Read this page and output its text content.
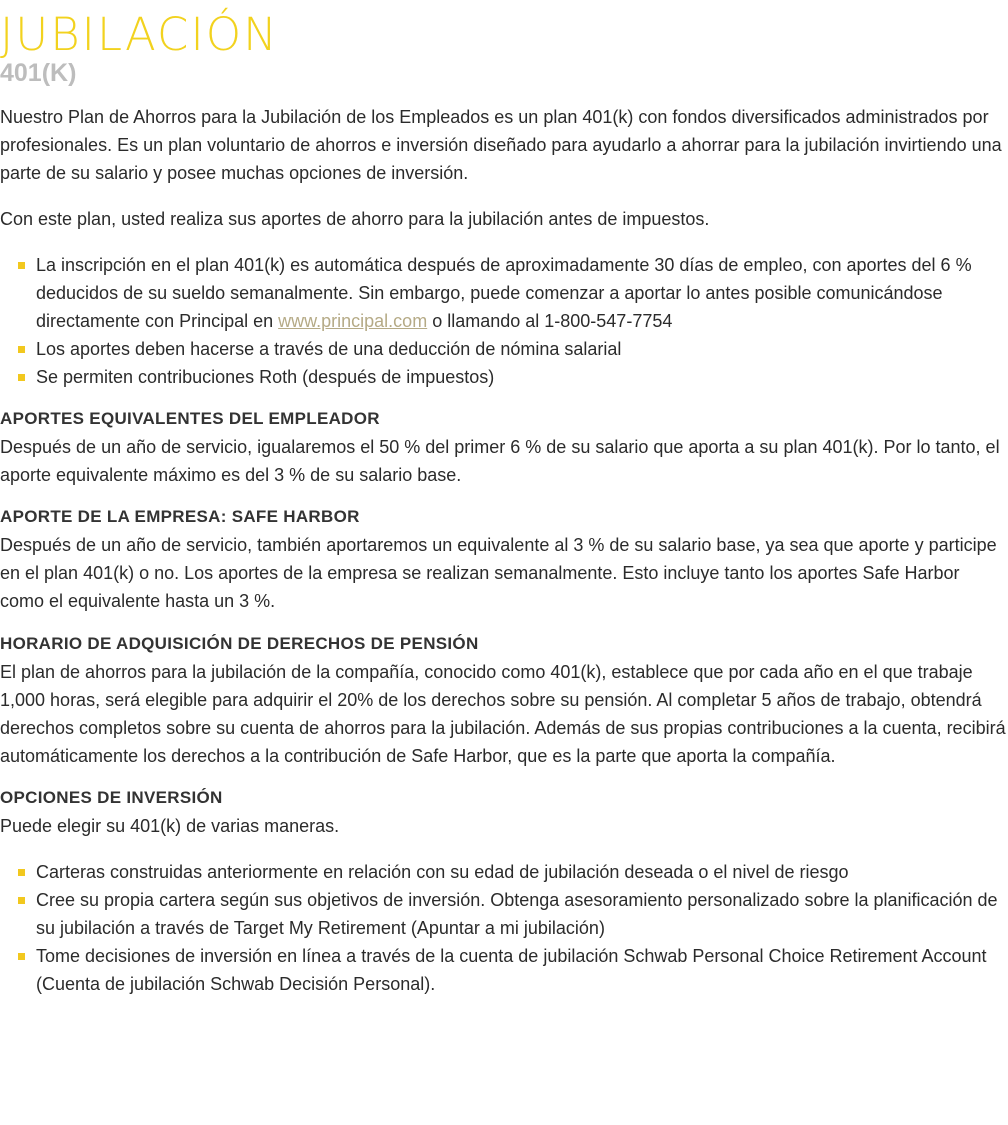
JUBILACIÓN
401(K)

Nuestro Plan de Ahorros para la Jubilación de los Empleados es un plan 401(k) con fondos diversificados administrados por profesionales. Es un plan voluntario de ahorros e inversión diseñado para ayudarlo a ahorrar para la jubilación invirtiendo una parte de su salario y posee muchas opciones de inversión.

Con este plan, usted realiza sus aportes de ahorro para la jubilación antes de impuestos.

La inscripción en el plan 401(k) es automática después de aproximadamente 30 días de empleo, con aportes del 6 % deducidos de su sueldo semanalmente. Sin embargo, puede comenzar a aportar lo antes posible comunicándose directamente con Principal en www.principal.com o llamando al 1-800-547-7754
Los aportes deben hacerse a través de una deducción de nómina salarial
Se permiten contribuciones Roth (después de impuestos)
APORTES EQUIVALENTES DEL EMPLEADOR

Después de un año de servicio, igualaremos el 50 % del primer 6 % de su salario que aporta a su plan 401(k). Por lo tanto, el aporte equivalente máximo es del 3 % de su salario base.

APORTE DE LA EMPRESA: SAFE HARBOR

Después de un año de servicio, también aportaremos un equivalente al 3 % de su salario base, ya sea que aporte y participe en el plan 401(k) o no. Los aportes de la empresa se realizan semanalmente. Esto incluye tanto los aportes Safe Harbor como el equivalente hasta un 3 %.

HORARIO DE ADQUISICIÓN DE DERECHOS DE PENSIÓN

El plan de ahorros para la jubilación de la compañía, conocido como 401(k), establece que por cada año en el que trabaje 1,000 horas, será elegible para adquirir el 20% de los derechos sobre su pensión. Al completar 5 años de trabajo, obtendrá derechos completos sobre su cuenta de ahorros para la jubilación. Además de sus propias contribuciones a la cuenta, recibirá automáticamente los derechos a la contribución de Safe Harbor, que es la parte que aporta la compañía.

OPCIONES DE INVERSIÓN

Puede elegir su 401(k) de varias maneras.

Carteras construidas anteriormente en relación con su edad de jubilación deseada o el nivel de riesgo
Cree su propia cartera según sus objetivos de inversión. Obtenga asesoramiento personalizado sobre la planificación de su jubilación a través de Target My Retirement (Apuntar a mi jubilación)
Tome decisiones de inversión en línea a través de la cuenta de jubilación Schwab Personal Choice Retirement Account (Cuenta de jubilación Schwab Decisión Personal).
